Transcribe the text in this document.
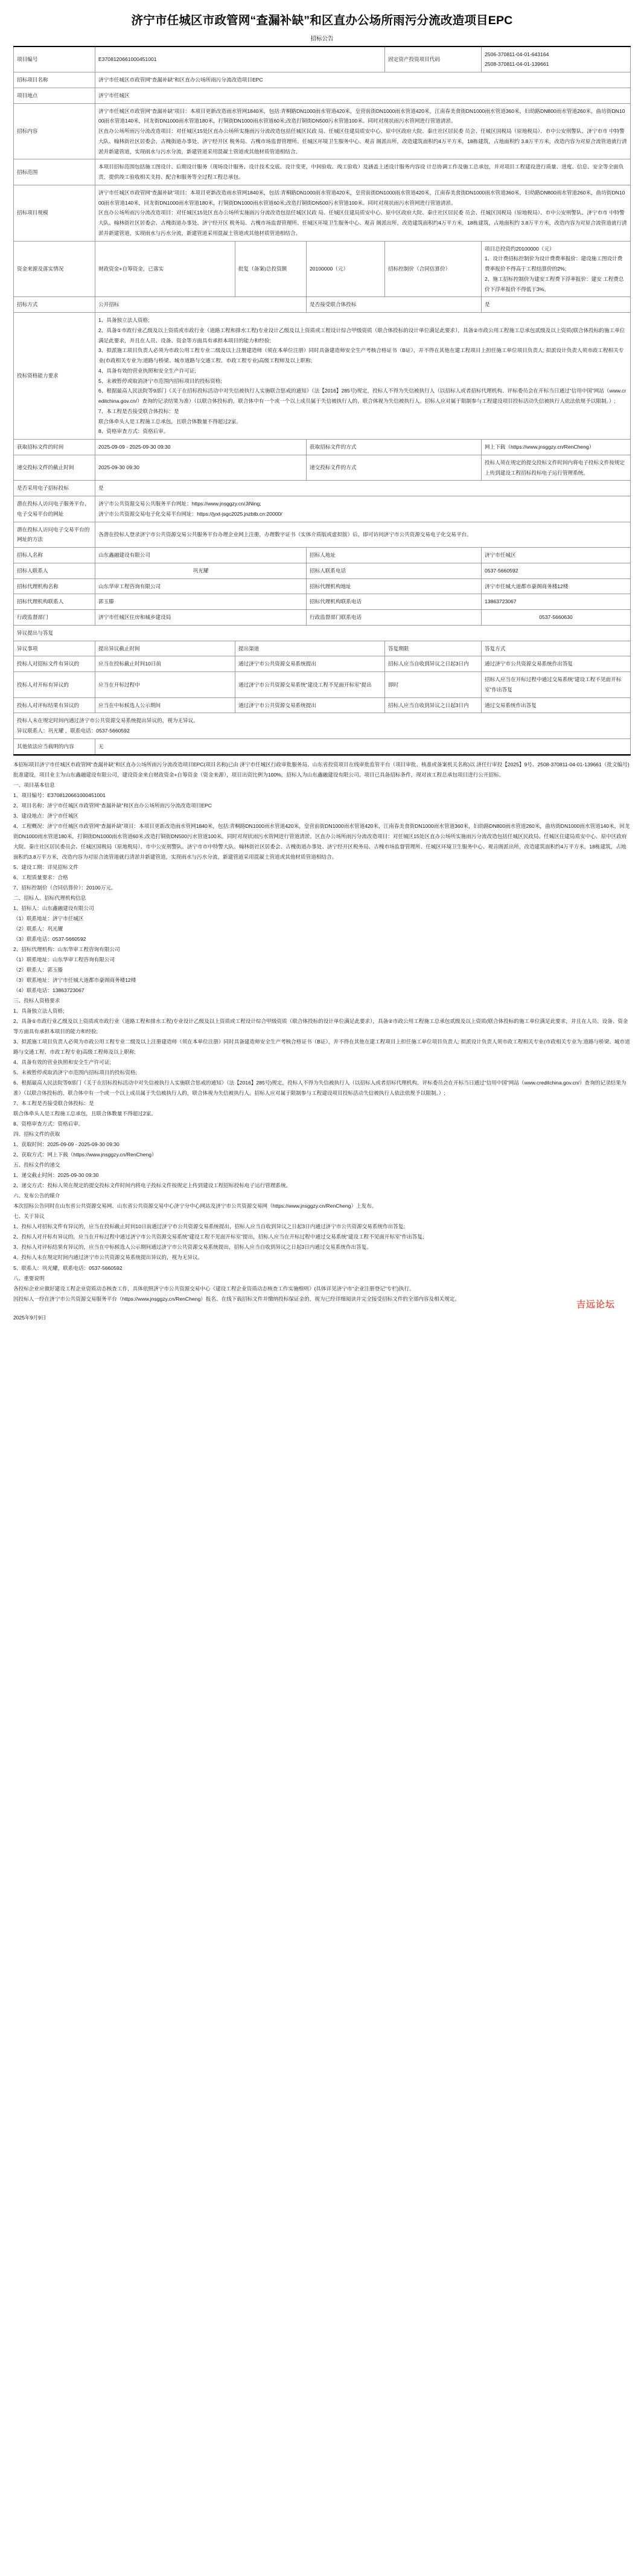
济宁市任城区市政管网“查漏补缺”和区直办公场所雨污分流改造项目EPC
招标公告
项目编号	E3708120661000451001			固定资产投资项目代码	2506-370811-04-01-643164
2508-370811-04-01-139661

招标项目名称	济宁市任城区市政管网“查漏补缺”和区直办公场所雨污分流改造项目EPC				
项目地点	济宁市任城区				
招标内容	济宁市任城区市政管网“查漏补缺”项目：本项目更新改造雨水管网1840米，包括:青桐路DN1000雨水管道420米，皇营前街DN1000雨水管道420米，江南春美食街DN1000雨水管道360米，妇幼路DN800雨水管道260米，曲坊街DN1000雨水管道140米，回龙街DN1000雨水管道180米，打铜街DN1000雨水管道60米;改造打铜街DN500污水管道100米。同时对现状雨污水管网进行管道清淤。
区直办公场所雨污分流改造项目：对任城区15处区直办公场所实施雨污分流改造包括任城区民政 局、任城区住建局质安中心、原中区政府大院、秦庄社区居民委 员会、任城区国税局（原地税局）、市中公安刑警队、济宁市市 中特警大队、翰林街社区居委会、古槐街道办事处、济宁经开区 税务局、古槐市场监督管理所、任城区环境卫生服务中心、观音 阁派出所，改造建筑面积约4万平方米，18栋建筑，占地面积约 3.8万平方米，改造内容为对原合流管道就行清淤并新建管道，实现雨水与污水分流，新建管道采用混凝土管道或其他材质管道相结合。				

招标范围	本项目招标范围包括施工图设计、后期设计服务（现场设计服务、设计技术交底、设计变更，中间验收、竣工验收）及涵盖上述设计服务内容设 计总协调工作及施工总承包，并对项目工程建设进行质量、进度、信息、安全等全面负责，提供竣工验收相关支持、配合和服务等全过程工程总承包。				
招标项目规模	济宁市任城区市政管网“查漏补缺”项目：本项目更新改造雨水管网1840米，包括:青桐路DN1000雨水管道420米，皇营前街DN1000雨水管道420米，江南春美食街DN1000雨水管道360米，妇幼路DN800雨水管道260米，曲坊街DN1000雨水管道140米，回龙街DN1000雨水管道180米，打铜街DN1000雨水管道60米;改造打铜街DN500污水管道100米。同时对现状雨污水管网进行管道清淤。
区直办公场所雨污分流改造项目：对任城区15处区直办公场所实施雨污分流改造包括任城区民政 局、任城区住建局质安中心、原中区政府大院、秦庄社区居民委 员会、任城区国税局（原地税局）、市中公安刑警队、济宁市市 中特警大队、翰林街社区居委会、古槐街道办事处、济宁经开区 税务局、古槐市场监督管理所、任城区环境卫生服务中心、观音 阁派出所，改造建筑面积约4万平方米，18栋建筑，占地面积约 3.8万平方米，改造内容为对原合流管道就行清淤并新建管道，实现雨水与污水分流，新建管道采用混凝土管道或其他材质管道相结合。				

资金来源及落实情况	财政资金+自筹资金，已落实	批复（备案)总投资额	20100000（元）	招标控制价（合同估算价）	项目总投资约20100000（元）
1、设计费招标控制价为设计费费率报价：建设施工图设计费费率报价不得高于工程结算价的2%;
2、施工招标控制价为建安工程费下浮率报价：建安 工程费总价下浮率报价不得低于3%。

招标方式	公开招标		是否接受联合体投标		是
投标资格能力要求	
1、具备独立法人资格;
2、具备①市政行业乙级及以上资质或市政行业（道路工程和排水工程)专业设计乙级及以上资质或工程设计综合甲级资质（联合体投标的设计单位满足此要求），具备②市政公用工程施工总承包贰级及以上资质(联合体投标的施工单位满足此要求，并且在人员、设备、资金等方面具有承担本项目的能力和经验;
3、拟派施工项目负责人必须为市政公用工程专业二级及以上注册建造师（须在本单位注册）同时具备建造师安全生产考核合格证书（B证），并不得在其他在建工程项目上担任施工单位项目负责人; 拟派设计负责人须市政工程相关专业(市政相关专业为:道路与桥梁、城市道路与交通工程、市政工程专业)高级工程师及以上职称;
4、具备有效的营业执照和安全生产许可证;
5、未被暂停或取消济宁市范围内招标项目的投标资格;
6、根据最高人民法院等9部门《关于在招标投标活动中对失信被执行人实施联合惩戒的通知》（法【2016】285号)规定，投标人不得为失信被执行人（以招标人或者招标代理机构、评标委员会在开标当日通过“信用中国”网站（www.creditchina.gov.cn/）查询的记录结果为准）（以联合体投标的，联合体中有一个或一个以上成员属于失信被执行人的，联合体视为失信被执行人。招标人应对属于限制参与工程建设项目投标活动失信被执行人依法依规予以限制。）;
7、本工程是否接受联合体投标：是
联合体牵头人是工程施工总承包，且联合体数量不得超过2家。
8、资格审查方式：资格后审。

获取招标文件的时间	2025-09-09 - 2025-09-30 09:30		获取招标文件的方式		网上下载（https://www.jnsggzy.cn/RenCheng）
递交投标文件的截止时间	2025-09-30 09:30		递交投标文件的方式		投标人须在规定的提交投标文件时间内将电子投标文件按规定上传到建设工程招标投标电子运行管理系统。
是否采用电子招标投标	是				
潜在投标人访问电子服务平台、电子交易平台的网址	济宁市公共资源交易公共服务平台网址：https://www.jnsggzy.cn/JiNing;
济宁市公共资源交易电子化交易平台网址：https://jyxt-jsgc2025.jnzbtb.cn:20000/				

潜在投标人访问电子交易平台的网址的方法	各潜在投标人登录济宁市公共资源交易公共服务平台办理企业网上注册，办理数字证书（实体介质版或虚拟版）后，即可访问济宁市公共资源交易电子化交易平台。				
招标人名称	山东鑫融建设有限公司		招标人地址		济宁市任城区
招标人联系人	巩光耀		招标人联系电话		0537-5660592
招标代理机构名称	山东华审工程咨询有限公司		招标代理机构地址		济宁市任城大道都市豪阁商务楼12楼
招标代理机构联系人	郭玉滕		招标代理机构联系电话		13863723067
行政监督部门	济宁市任城区住房和城乡建设局		行政监督部门联系电话		0537-5660630
异议提出与答复					
异议事项	提出异议截止时间	提出渠道		答复期限	答复方式
投标人对招标文件有异议的	应当在投标截止时间10日前	通过济宁市公共资源交易系统提出		招标人应当自收到异议之日起3日内	通过济宁市公共资源交易系统作出答复
投标人对开标有异议的	应当在开标过程中	通过济宁市公共资源交易系统“建设工程不见面开标室”提出		即时	招标人应当在开标过程中通过交易系统“建设工程不见面开标室”作出答复
投标人对评标结果有异议的	应当在中标候选人公示期间	通过济宁市公共资源交易系统提出		招标人应当自收到异议之日起3日内	通过交易系统作出答复

投标人未在规定时间内通过济宁市公共资源交易系统提出异议的，视为无异议。
异议联系人：巩光耀 ，联系电话：0537-5660592					

其他依法应当载明的内容	无				

本招标项目济宁市任城区市政管网“查漏补缺”和区直办公场所雨污分流改造项目EPC(项目名称)已由 济宁市任城区行政审批服务局、山东省投资项目在线审批监管平台（项目审批、核准或备案机关名称)以 济任行审投【2025】9号、2508-370811-04-01-139661（批文编号)批准建设，项目业主为山东鑫融建设有限公司，建设资金来自财政资金+自筹资金（资金来源），项目出资比例为100%，招标人为山东鑫融建设有限公司。项目已具备招标条件，现对该工程总承包项目进行公开招标。

一、项目基本信息

1、项目编号：E3708120661000451001

2、项目名称：济宁市任城区市政管网“查漏补缺”和区直办公场所雨污分流改造项目EPC

3、建设地点：济宁市任城区

4、工程概况：济宁市任城区市政管网“查漏补缺”项目：本项目更新改造雨水管网1840米，包括:青桐路DN1000雨水管道420米，皇营前街DN1000雨水管道420米，江南春美食街DN1000雨水管道360米，妇幼路DN800雨水管道260米，曲坊街DN1000雨水管道140米，回龙街DN1000雨水管道180米，打铜街DN1000雨水管道60米;改造打铜街DN500污水管道100米。同时对现状雨污水管网进行管道清淤。区直办公场所雨污分流改造项目：对任城区15处区直办公场所实施雨污分流改造包括任城区民政局、任城区住建局质安中心、原中区政府大院、秦庄社区居民委员会、任城区国税局（原地税局）、市中公安刑警队、济宁市市中特警大队、翰林街社区居委会、古槐街道办事处、济宁经开区税务局、古槐市场监督管理所、任城区环境卫生服务中心、观音阁派出所，改造建筑面积约4万平方米，18栋建筑，占地面积约3.8万平方米，改造内容为对原合流管道就行清淤并新建管道，实现雨水与污水分流，新建管道采用混凝土管道或其他材质管道相结合。

5、建设工期：详见招标文件

6、工程质量要求：合格

7、招标控制价（合同估算价）：20100万元。

二、招标人、招标代理机构信息

1、招标人：山东鑫融建设有限公司

（1）联系地址：济宁市任城区

（2）联系人：巩光耀

（3）联系电话：0537-5660592

2、招标代理机构：山东华审工程咨询有限公司

（1）联系地址：山东华审工程咨询有限公司

（2）联系人：郭玉滕

（3）联系地址：济宁市任城大道都市豪阁商务楼12楼

（4）联系电话：13863723067

三、投标人资格要求

1、具备独立法人资格;

2、具备①市政行业乙级及以上资质或市政行业（道路工程和排水工程)专业设计乙级及以上资质或工程设计综合甲级资质（联合体投标的设计单位满足此要求），具备②市政公用工程施工总承包贰级及以上资质(联合体投标的施工单位满足此要求，并且在人员、设备、资金等方面具有承担本项目的能力和经验;

3、拟派施工项目负责人必须为市政公用工程专业二级及以上注册建造师（须在本单位注册）同时具备建造师安全生产考核合格证书（B证），并不得在其他在建工程项目上担任施工单位项目负责人; 拟派设计负责人须市政工程相关专业(市政相关专业为:道路与桥梁、城市道路与交通工程、市政工程专业)高级工程师及以上职称;

4、具备有效的营业执照和安全生产许可证;

5、未被暂停或取消济宁市范围内招标项目的投标资格;

6、根据最高人民法院等9部门《关于在招标投标活动中对失信被执行人实施联合惩戒的通知》（法【2016】285号)规定，投标人不得为失信被执行人（以招标人或者招标代理机构、评标委员会在开标当日通过“信用中国”网站（www.creditchina.gov.cn/）查询的记录结果为准）（以联合体投标的，联合体中有一个或一个以上成员属于失信被执行人的，联合体视为失信被执行人。招标人应对属于限制参与工程建设项目投标活动失信被执行人依法依规予以限制。）;

7、本工程是否接受联合体投标：是

联合体牵头人是工程施工总承包，且联合体数量不得超过2家。

8、资格审查方式：资格后审。

四、招标文件的获取

1、获取时间：2025-09-09 - 2025-09-30 09:30

2、获取方式：网上下载（https://www.jnsggzy.cn/RenCheng）

五、投标文件的递交

1、递交截止时间：2025-09-30 09:30

2、递交方式：投标人须在规定的提交投标文件时间内将电子投标文件按规定上传到建设工程招标投标电子运行管理系统。

六、发布公告的媒介

本次招标公告同时在山东省公共资源交易网、山东省公共资源交易中心济宁分中心网站及济宁市公共资源交易网（https://www.jnsggzy.cn/RenCheng）上发布。

七、关于异议

1、投标人对招标文件有异议的，应当在投标截止时间10日前通过济宁市公共资源交易系统提出，招标人应当自收到异议之日起3日内通过济宁市公共资源交易系统作出答复;

2、投标人对开标有异议的，应当在开标过程中通过济宁市公共资源交易系统“建设工程不见面开标室”提出，招标人应当在开标过程中通过交易系统“建设工程不见面开标室”作出答复;

3、投标人对评标结果有异议的，应当在中标候选人公示期间通过济宁市公共资源交易系统提出，招标人应当自收到异议之日起3日内通过交易系统作出答复。

4、投标人未在规定时间内通过济宁市公共资源交易系统提出异议的，视为无异议。

5、联系人：巩光耀，联系电话：0537-5660592

八、重要说明

各投标企业应做好建设工程企业资质动态核查工作，具体依照济宁市公共资源交易中心《建设工程企业资质动态核查工作实施细则》(具体详见济宁市“企业注册登记”专栏)执行。

因投标人一经在济宁市公共资源交易服务平台（https://www.jnsggzy.cn/RenCheng）报名、在线下载招标文件并缴纳投标保证金的，视为已经详细阅读并完全接受招标文件的全部内容及相关规定。

2025年9月9日
吉远论坛
